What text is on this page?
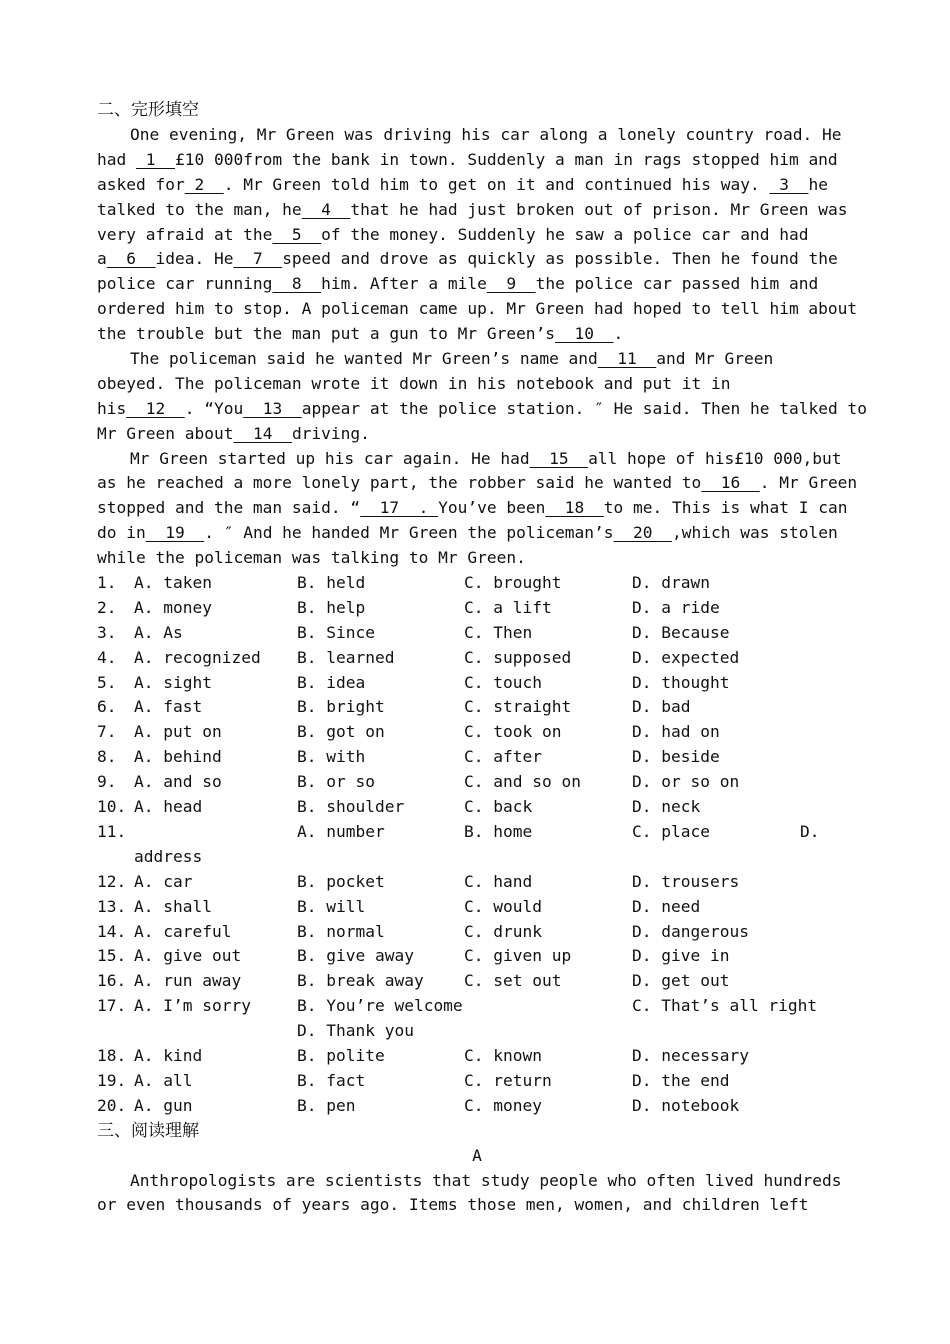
二、完形填空
One evening, Mr Green was driving his car along a lonely country road. He
had  1  £10 000from the bank in town. Suddenly a man in rags stopped him and
asked for 2  . Mr Green told him to get on it and continued his way.  3  he
talked to the man, he  4  that he had just broken out of prison. Mr Green was
very afraid at the  5  of the money. Suddenly he saw a police car and had
a  6  idea. He  7  speed and drove as quickly as possible. Then he found the
police car running  8  him. After a mile  9  the police car passed him and
ordered him to stop. A policeman came up. Mr Green had hoped to tell him about
the trouble but the man put a gun to Mr Green’s  10  .
The policeman said he wanted Mr Green’s name and  11  and Mr Green
obeyed. The policeman wrote it down in his notebook and put it in
his  12  . “You  13  appear at the police station. ″ He said. Then he talked to
Mr Green about  14  driving.
Mr Green started up his car again. He had  15  all hope of his£10 000,but
as he reached a more lonely part, the robber said he wanted to  16  . Mr Green
stopped and the man said. “  17  . You’ve been  18  to me. This is what I can
do in  19  . ″ And he handed Mr Green the policeman’s  20  ,which was stolen
while the policeman was talking to Mr Green.
1. A. taken	B. held	C. brought	D. drawn
2. A. money	B. help	C. a lift	D. a ride
3. A. As	B. Since	C. Then	D. Because
4. A. recognized B. learned	C. supposed	D. expected
5. A. sight	B. idea	C. touch	D. thought
6. A. fast	B. bright	C. straight	D. bad
7. A. put on	B. got on	C. took on	D. had on
8. A. behind	B. with	C. after	D. beside
9. A. and so	B. or so	C. and so on	D. or so on
10. A. head	B. shoulder	C. back	D. neck
11.	A. number	B. home	C. place	D.
address
12. A. car	B. pocket	C. hand	D. trousers
13. A. shall	B. will	C. would	D. need
14. A. careful	B. normal	C. drunk	D. dangerous
15. A. give out	B. give away	C. given up	D. give in
16. A. run away	B. break away C. set out	D. get out
17. A. I’m sorry	B. You’re welcome	C. That’s all right
D. Thank you
18. A. kind	B. polite	C. known	D. necessary
19. A. all	B. fact	C. return	D. the end
20. A. gun	B. pen	C. money	D. notebook
三、阅读理解
A
Anthropologists are scientists that study people who often lived hundreds
or even thousands of years ago. Items those men, women, and children left
